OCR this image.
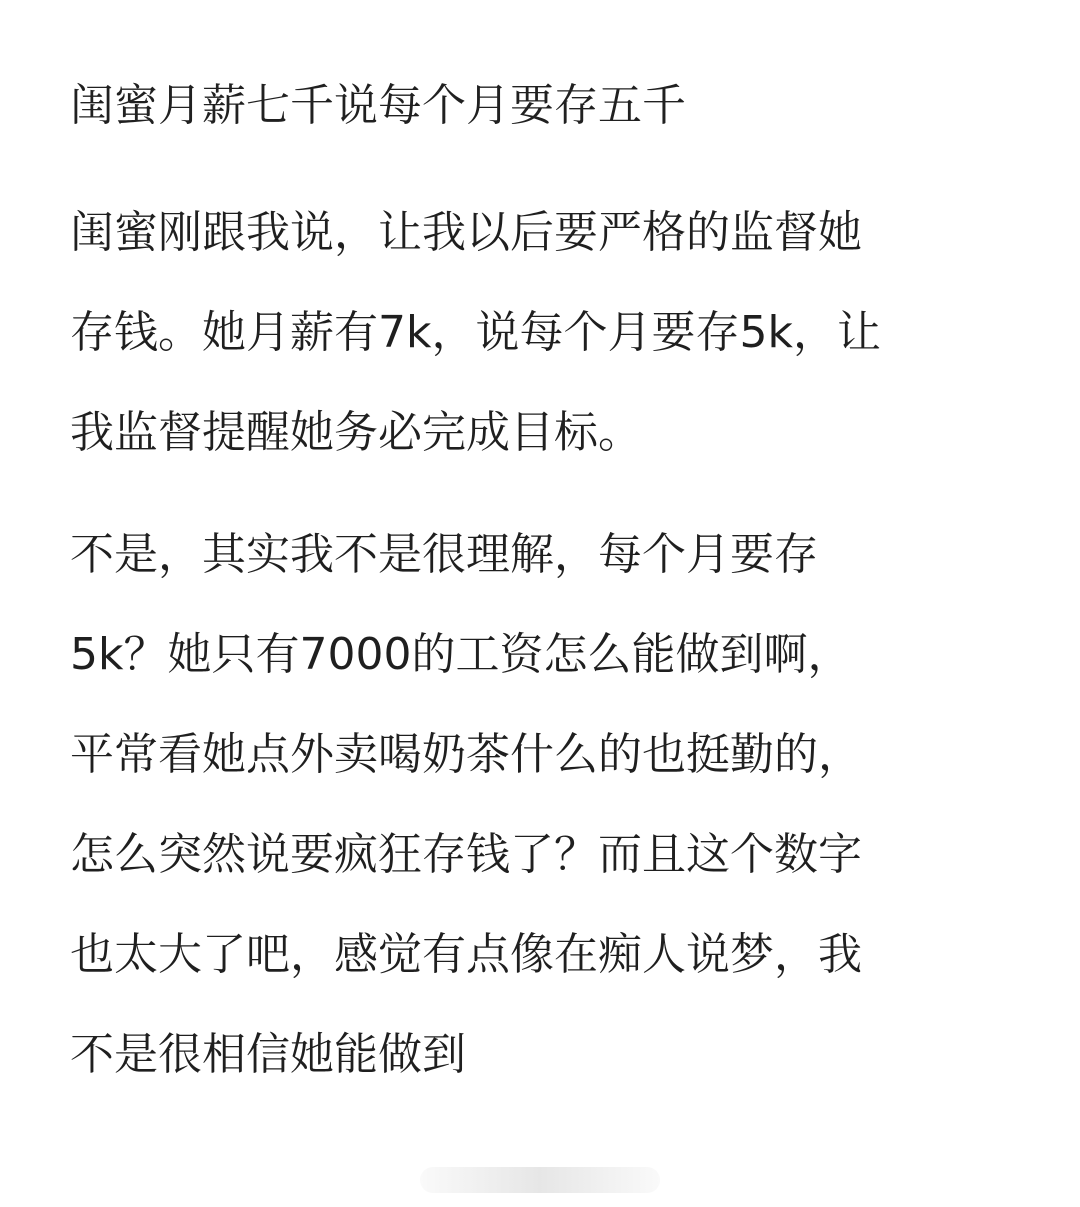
闺蜜月薪七千说每个月要存五千
闺蜜刚跟我说，让我以后要严格的监督她
存钱。她月薪有7k，说每个月要存5k，让
我监督提醒她务必完成目标。
不是，其实我不是很理解，每个月要存
5k？她只有7000的工资怎么能做到啊，
平常看她点外卖喝奶茶什么的也挺勤的，
怎么突然说要疯狂存钱了？而且这个数字
也太大了吧，感觉有点像在痴人说梦，我
不是很相信她能做到
